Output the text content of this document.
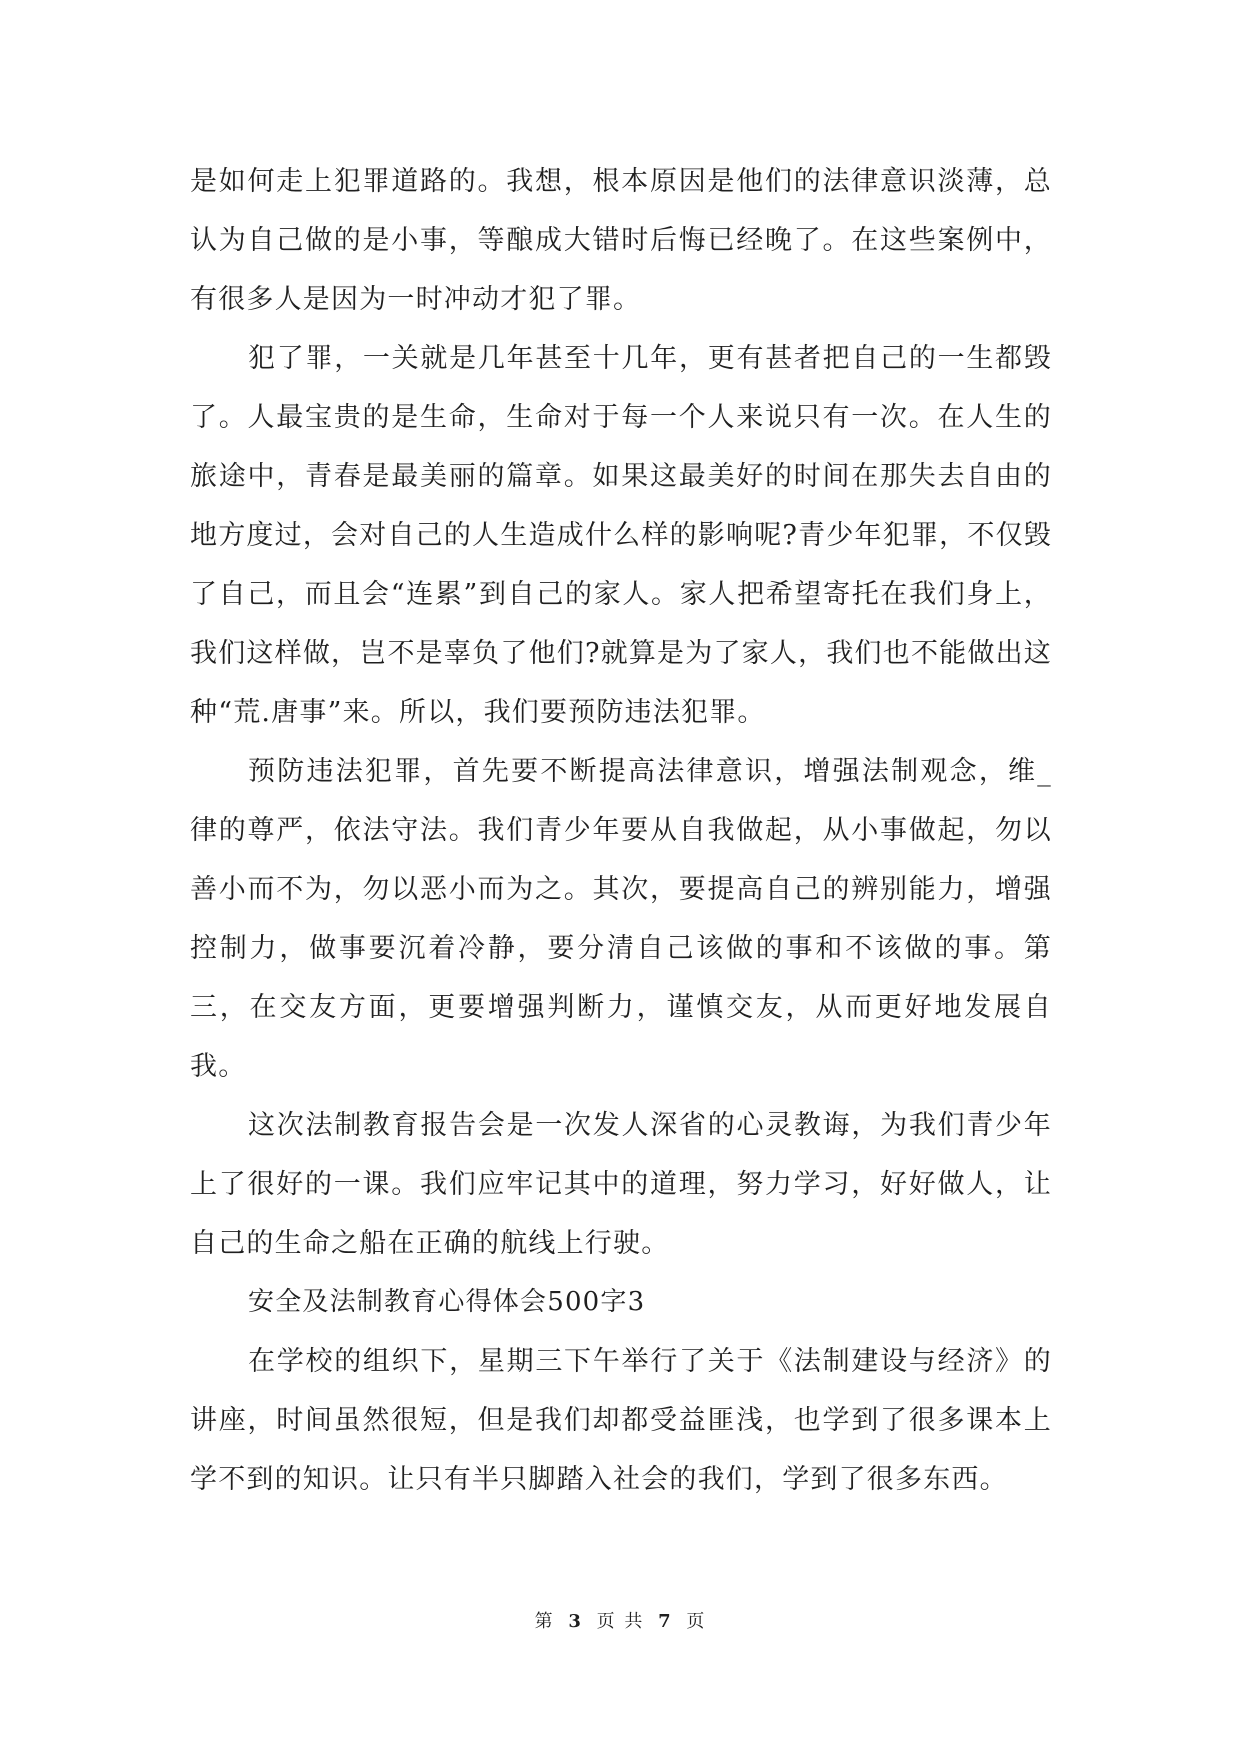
是如何走上犯罪道路的。我想，根本原因是他们的法律意识淡薄，总认为自己做的是小事，等酿成大错时后悔已经晚了。在这些案例中，有很多人是因为一时冲动才犯了罪。

犯了罪，一关就是几年甚至十几年，更有甚者把自己的一生都毁了。人最宝贵的是生命，生命对于每一个人来说只有一次。在人生的旅途中，青春是最美丽的篇章。如果这最美好的时间在那失去自由的地方度过，会对自己的人生造成什么样的影响呢?青少年犯罪，不仅毁了自己，而且会“连累”到自己的家人。家人把希望寄托在我们身上，我们这样做，岂不是辜负了他们?就算是为了家人，我们也不能做出这种“荒.唐事”来。所以，我们要预防违法犯罪。

预防违法犯罪，首先要不断提高法律意识，增强法制观念，维_律的尊严，依法守法。我们青少年要从自我做起，从小事做起，勿以善小而不为，勿以恶小而为之。其次，要提高自己的辨别能力，增强控制力，做事要沉着冷静，要分清自己该做的事和不该做的事。第三，在交友方面，更要增强判断力，谨慎交友，从而更好地发展自我。

这次法制教育报告会是一次发人深省的心灵教诲，为我们青少年上了很好的一课。我们应牢记其中的道理，努力学习，好好做人，让自己的生命之船在正确的航线上行驶。

安全及法制教育心得体会500字3

在学校的组织下，星期三下午举行了关于《法制建设与经济》的讲座，时间虽然很短，但是我们却都受益匪浅，也学到了很多课本上学不到的知识。让只有半只脚踏入社会的我们，学到了很多东西。

第 3 页 共 7 页
